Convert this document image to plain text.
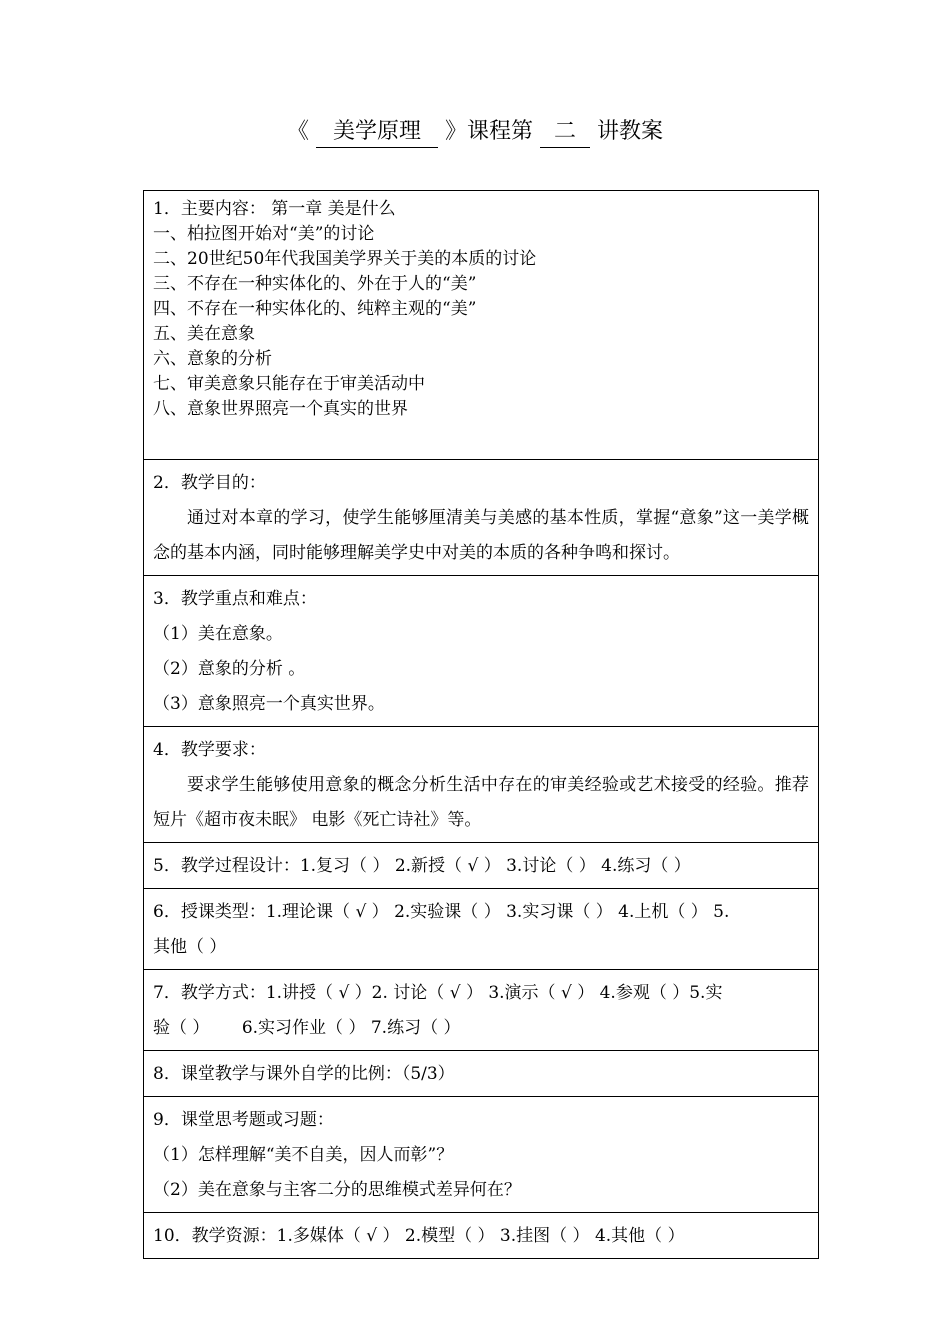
《 美学原理 》课程第 二 讲教案
1．主要内容： 第一章 美是什么
一、柏拉图开始对“美”的讨论
二、20世纪50年代我国美学界关于美的本质的讨论
三、不存在一种实体化的、外在于人的“美”
四、不存在一种实体化的、纯粹主观的“美”
五、美在意象
六、意象的分析
七、审美意象只能存在于审美活动中
八、意象世界照亮一个真实的世界

2．教学目的：
通过对本章的学习，使学生能够厘清美与美感的基本性质，掌握“意象”这一美学概念的基本内涵，同时能够理解美学史中对美的本质的各种争鸣和探讨。

3．教学重点和难点：
（1）美在意象。
（2）意象的分析 。
（3）意象照亮一个真实世界。

4．教学要求：
要求学生能够使用意象的概念分析生活中存在的审美经验或艺术接受的经验。推荐短片《超市夜未眠》 电影《死亡诗社》等。

5．教学过程设计：1.复习（ ） 2.新授（ √ ） 3.讨论（ ） 4.练习（ ）

6．授课类型：1.理论课（ √ ） 2.实验课（ ） 3.实习课（ ） 4.上机（ ） 5.
其他（ ）

7．教学方式：1.讲授（ √ ）2. 讨论（ √ ） 3.演示（ √ ） 4.参观（ ）5.实
验（ ）      6.实习作业（ ） 7.练习（ ）

8．课堂教学与课外自学的比例：（5/3）

9．课堂思考题或习题：
（1）怎样理解“美不自美，因人而彰”？
（2）美在意象与主客二分的思维模式差异何在？

10．教学资源：1.多媒体（ √ ） 2.模型（ ） 3.挂图（ ） 4.其他（ ）
